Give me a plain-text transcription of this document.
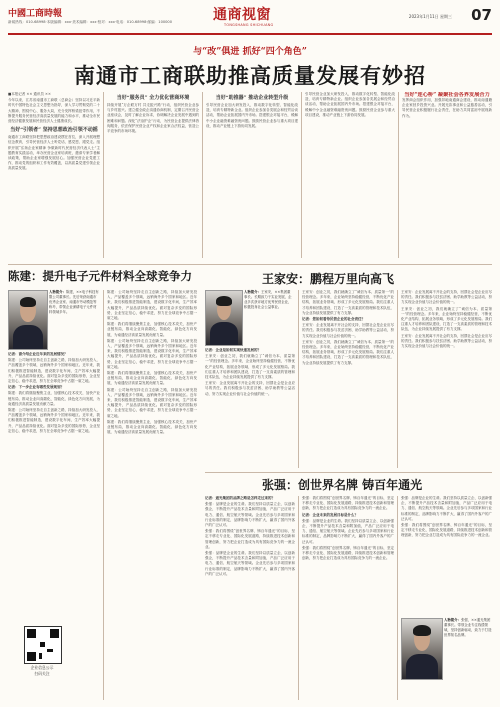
中國工商時報
新闻热线：010-68998·本版编辑：xxx·美术编辑：xxx·校对：xxx·电话：010-68998·邮编：100000	通商视窗
TONGSHANG SHICHUANG
2023年1月11日 星期三 07
与“改”俱进 抓好“四个角色”
南通市工商联助推高质量发展有妙招

■本报记者 ×× 通讯员 ××

今年以来，江苏省南通市工商联（总商会）坚持以习近平新时代中国特色社会主义思想为指导，深入学习贯彻党的二十大精神，围绕中心、服务大局，充分发挥桥梁纽带作用，不断提升服务民营经济高质量发展的能力和水平，推动全市民营经济健康发展和民营经济人士健康成长。

当好“引领者” 坚持思想政治引领不动摇

南通市工商联坚持把思想政治建设摆在首位，深入开展理想信念教育，引导民营经济人士听党话、感党恩、跟党走。组织开展“弘扬企业家精神 争做新时代民营经济代表人士”主题教育实践活动，举办民营企业家培训班，邀请专家学者解读政策，帮助企业家增强发展信心。加强民营企业党建工作，推动党的组织和工作有效覆盖，以高质量党建引领企业高质量发展。

当好“服务员” 全力优化营商环境

持续开展“万企联万村 共走振兴路”行动，组织民营企业参与乡村振兴。建立健全政企沟通协商机制，定期召开民营企业座谈会，及时了解企业诉求，协调解决企业发展中遇到的困难和问题。深化“法治护企”行动，为民营企业提供法律咨询服务，依法保护民营企业产权和企业家合法权益，营造公平竞争的市场环境。

当好“助推器” 推动企业转型升级

引导民营企业加大研发投入，推动数字化转型、智能化改造，培育专精特新企业。组织企业参加各类展会和经贸洽谈活动，帮助企业拓展国内外市场。搭建银企对接平台，缓解中小企业融资难融资贵问题。鼓励民营企业参与重大项目建设，推动产业链上下游协同发展。

引导民营企业加大研发投入，推动数字化转型、智能化改造，培育专精特新企业。组织企业参加各类展会和经贸洽谈活动，帮助企业拓展国内外市场。搭建银企对接平台，缓解中小企业融资难融资贵问题。鼓励民营企业参与重大项目建设，推动产业链上下游协同发展。

当好“连心桥” 凝聚社会各界发展合力

发挥商会组织作用，加强异地南通商会建设，推动南通籍企业家回乡投资兴业。开展光彩事业和公益慈善活动，引导民营企业积极履行社会责任，在助力共同富裕中展现新作为。

陈建：提升电子元件材料全球竞争力
人物简介：陈建，××电子科技有限公司董事长。先后荣获南通市优秀企业家、南通市劳动模范等称号，带领企业深耕电子元件材料领域多年。

记者：请介绍企业近年来的发展情况？

陈建：公司始终坚持走自主创新之路，持续加大研发投入，产品覆盖多个领域，远销海外多个国家和地区。近年来，我们积极推进智能制造，建设数字化车间，生产效率大幅提升，产品品质持续优化。面对复杂多变的国际形势，企业坚定信心，稳中求进，努力在全球竞争中占据一席之地。

记者：下一步企业有哪些发展规划？

陈建：我们将继续聚焦主业，加强核心技术攻关，加快产业链布局，推动企业向高端化、智能化、绿色化方向发展，为南通经济高质量发展贡献力量。

陈建：公司始终坚持走自主创新之路，持续加大研发投入，产品覆盖多个领域，远销海外多个国家和地区。近年来，我们积极推进智能制造，建设数字化车间，生产效率大幅提升，产品品质持续优化。面对复杂多变的国际形势，企业坚定信心，稳中求进，努力在全球竞争中占据一席之地。

陈建：公司始终坚持走自主创新之路，持续加大研发投入，产品覆盖多个领域，远销海外多个国家和地区。近年来，我们积极推进智能制造，建设数字化车间，生产效率大幅提升，产品品质持续优化。面对复杂多变的国际形势，企业坚定信心，稳中求进，努力在全球竞争中占据一席之地。

陈建：我们将继续聚焦主业，加强核心技术攻关，加快产业链布局，推动企业向高端化、智能化、绿色化方向发展，为南通经济高质量发展贡献力量。

陈建：公司始终坚持走自主创新之路，持续加大研发投入，产品覆盖多个领域，远销海外多个国家和地区。近年来，我们积极推进智能制造，建设数字化车间，生产效率大幅提升，产品品质持续优化。面对复杂多变的国际形势，企业坚定信心，稳中求进，努力在全球竞争中占据一席之地。

陈建：我们将继续聚焦主业，加强核心技术攻关，加快产业链布局，推动企业向高端化、智能化、绿色化方向发展，为南通经济高质量发展贡献力量。

陈建：公司始终坚持走自主创新之路，持续加大研发投入，产品覆盖多个领域，远销海外多个国家和地区。近年来，我们积极推进智能制造，建设数字化车间，生产效率大幅提升，产品品质持续优化。面对复杂多变的国际形势，企业坚定信心，稳中求进，努力在全球竞争中占据一席之地。

陈建：我们将继续聚焦主业，加强核心技术攻关，加快产业链布局，推动企业向高端化、智能化、绿色化方向发展，为南通经济高质量发展贡献力量。

企业信息公示
扫码关注
王家安：鹏程万里向高飞
人物简介：王家安，××集团董事长。长期致力于实业发展，企业多次获评地方优秀民营企业，积极投身社会公益事业。

记者：企业是如何实现快速发展的？

王家安：创业之初，我们就确立了“诚信为本、质量第一”的经营理念。多年来，企业始终坚持稳健经营，不断优化产业结构，拓展业务领域，形成了多元化发展格局。我们注重人才培养和团队建设，打造了一支高素质的管理和技术队伍，为企业持续发展提供了有力支撑。

王家安：企业发展离不开社会的支持，回馈社会是企业应尽的责任。我们积极参与扶贫济困、助学助教等公益活动，努力实现企业价值与社会价值的统一。

王家安：创业之初，我们就确立了“诚信为本、质量第一”的经营理念。多年来，企业始终坚持稳健经营，不断优化产业结构，拓展业务领域，形成了多元化发展格局。我们注重人才培养和团队建设，打造了一支高素质的管理和技术队伍，为企业持续发展提供了有力支撑。

记者：您如何看待民营企业的社会责任？

王家安：企业发展离不开社会的支持，回馈社会是企业应尽的责任。我们积极参与扶贫济困、助学助教等公益活动，努力实现企业价值与社会价值的统一。

王家安：创业之初，我们就确立了“诚信为本、质量第一”的经营理念。多年来，企业始终坚持稳健经营，不断优化产业结构，拓展业务领域，形成了多元化发展格局。我们注重人才培养和团队建设，打造了一支高素质的管理和技术队伍，为企业持续发展提供了有力支撑。

王家安：企业发展离不开社会的支持，回馈社会是企业应尽的责任。我们积极参与扶贫济困、助学助教等公益活动，努力实现企业价值与社会价值的统一。

王家安：创业之初，我们就确立了“诚信为本、质量第一”的经营理念。多年来，企业始终坚持稳健经营，不断优化产业结构，拓展业务领域，形成了多元化发展格局。我们注重人才培养和团队建设，打造了一支高素质的管理和技术队伍，为企业持续发展提供了有力支撑。

王家安：企业发展离不开社会的支持，回馈社会是企业应尽的责任。我们积极参与扶贫济困、助学助教等公益活动，努力实现企业价值与社会价值的统一。

张强：创世界名牌 铸百年通光

记者：通光集团的品牌之路是怎样走过来的？

张强：品牌是企业的生命。我们坚持以质量立企、以创新强企，不断提升产品技术含量和附加值，产品广泛应用于电力、通信、航空航天等领域。企业先后参与多项国家和行业标准的制定，品牌影响力不断扩大，赢得了国内外客户的广泛认可。

张强：我们将围绕“创世界名牌、铸百年通光”的目标，坚定不移走专业化、国际化发展道路，持续推进技术创新和管理创新，努力把企业打造成为具有国际竞争力的一流企业。

张强：品牌是企业的生命。我们坚持以质量立企、以创新强企，不断提升产品技术含量和附加值，产品广泛应用于电力、通信、航空航天等领域。企业先后参与多项国家和行业标准的制定，品牌影响力不断扩大，赢得了国内外客户的广泛认可。

张强：我们将围绕“创世界名牌、铸百年通光”的目标，坚定不移走专业化、国际化发展道路，持续推进技术创新和管理创新，努力把企业打造成为具有国际竞争力的一流企业。

记者：企业未来的发展目标是什么？

张强：品牌是企业的生命。我们坚持以质量立企、以创新强企，不断提升产品技术含量和附加值，产品广泛应用于电力、通信、航空航天等领域。企业先后参与多项国家和行业标准的制定，品牌影响力不断扩大，赢得了国内外客户的广泛认可。

张强：我们将围绕“创世界名牌、铸百年通光”的目标，坚定不移走专业化、国际化发展道路，持续推进技术创新和管理创新，努力把企业打造成为具有国际竞争力的一流企业。

张强：品牌是企业的生命。我们坚持以质量立企、以创新强企，不断提升产品技术含量和附加值，产品广泛应用于电力、通信、航空航天等领域。企业先后参与多项国家和行业标准的制定，品牌影响力不断扩大，赢得了国内外客户的广泛认可。

张强：我们将围绕“创世界名牌、铸百年通光”的目标，坚定不移走专业化、国际化发展道路，持续推进技术创新和管理创新，努力把企业打造成为具有国际竞争力的一流企业。

人物简介：张强，××通光集团董事长。带领企业专注线缆领域，坚持创新驱动，致力于打造世界知名品牌。
